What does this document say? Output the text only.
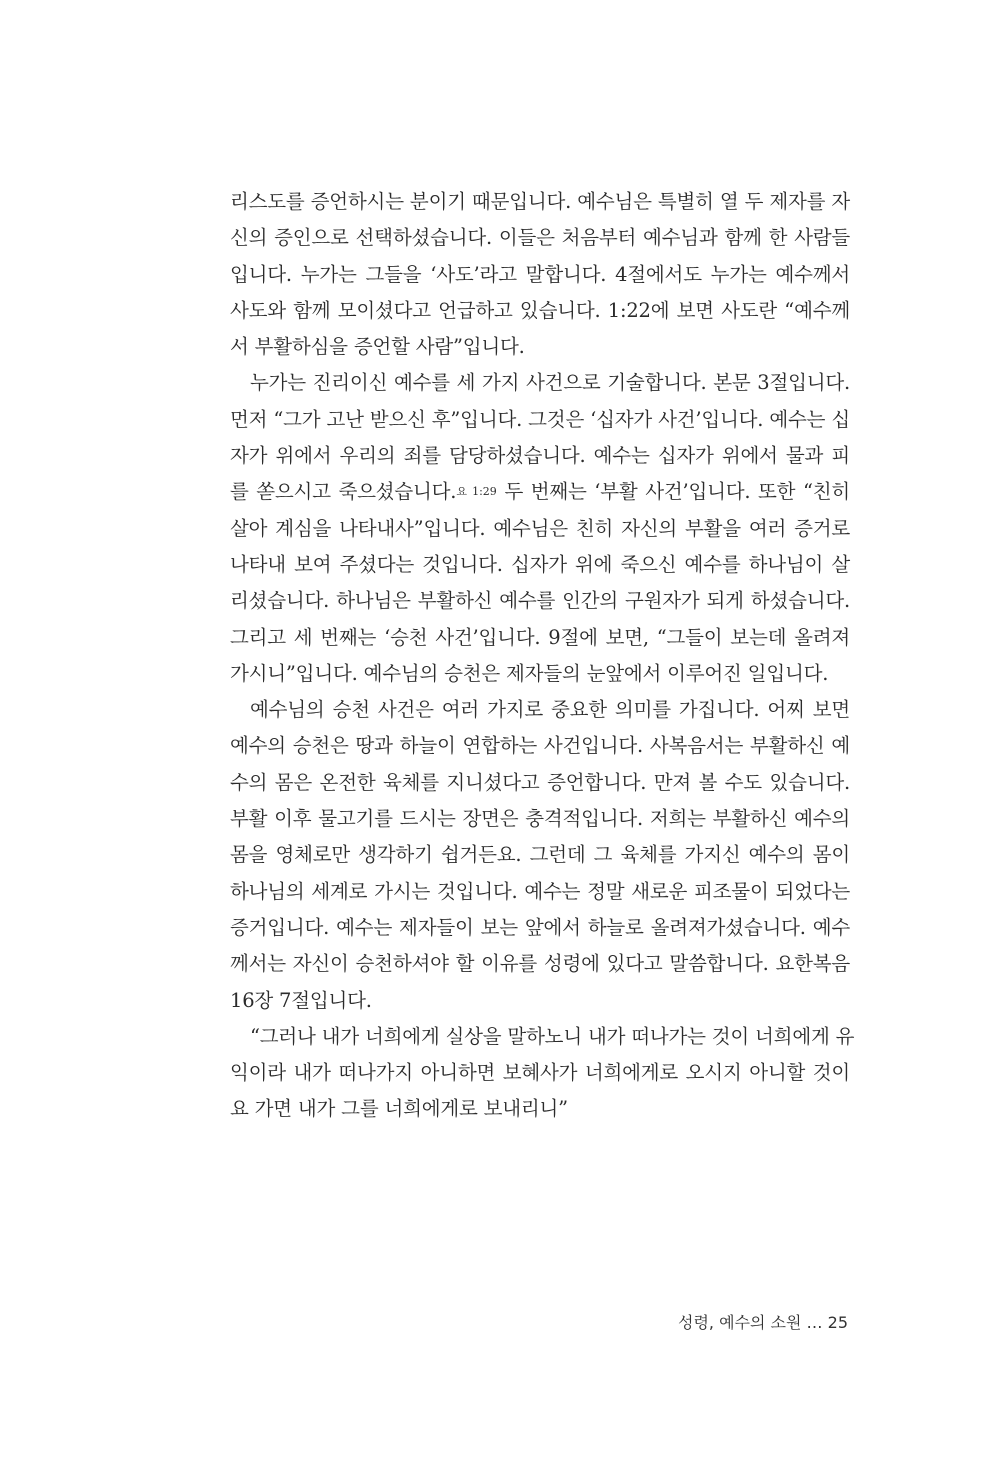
리스도를 증언하시는 분이기 때문입니다. 예수님은 특별히 열 두 제자를 자
신의 증인으로 선택하셨습니다. 이들은 처음부터 예수님과 함께 한 사람들
입니다. 누가는 그들을 ‘사도’라고 말합니다. 4절에서도 누가는 예수께서
사도와 함께 모이셨다고 언급하고 있습니다. 1:22에 보면 사도란 “예수께
서 부활하심을 증언할 사람”입니다.
누가는 진리이신 예수를 세 가지 사건으로 기술합니다. 본문 3절입니다.
먼저 “그가 고난 받으신 후”입니다. 그것은 ‘십자가 사건’입니다. 예수는 십
자가 위에서 우리의 죄를 담당하셨습니다. 예수는 십자가 위에서 물과 피
를 쏟으시고 죽으셨습니다.요 1:29 두 번째는 ‘부활 사건’입니다. 또한 “친히
살아 계심을 나타내사”입니다. 예수님은 친히 자신의 부활을 여러 증거로
나타내 보여 주셨다는 것입니다. 십자가 위에 죽으신 예수를 하나님이 살
리셨습니다. 하나님은 부활하신 예수를 인간의 구원자가 되게 하셨습니다.
그리고 세 번째는 ‘승천 사건’입니다. 9절에 보면, “그들이 보는데 올려져
가시니”입니다. 예수님의 승천은 제자들의 눈앞에서 이루어진 일입니다.
예수님의 승천 사건은 여러 가지로 중요한 의미를 가집니다. 어찌 보면
예수의 승천은 땅과 하늘이 연합하는 사건입니다. 사복음서는 부활하신 예
수의 몸은 온전한 육체를 지니셨다고 증언합니다. 만져 볼 수도 있습니다.
부활 이후 물고기를 드시는 장면은 충격적입니다. 저희는 부활하신 예수의
몸을 영체로만 생각하기 쉽거든요. 그런데 그 육체를 가지신 예수의 몸이
하나님의 세계로 가시는 것입니다. 예수는 정말 새로운 피조물이 되었다는
증거입니다. 예수는 제자들이 보는 앞에서 하늘로 올려져가셨습니다. 예수
께서는 자신이 승천하셔야 할 이유를 성령에 있다고 말씀합니다. 요한복음
16장 7절입니다.
“그러나 내가 너희에게 실상을 말하노니 내가 떠나가는 것이 너희에게 유
익이라 내가 떠나가지 아니하면 보혜사가 너희에게로 오시지 아니할 것이
요 가면 내가 그를 너희에게로 보내리니”
성령, 예수의 소원 … 25
